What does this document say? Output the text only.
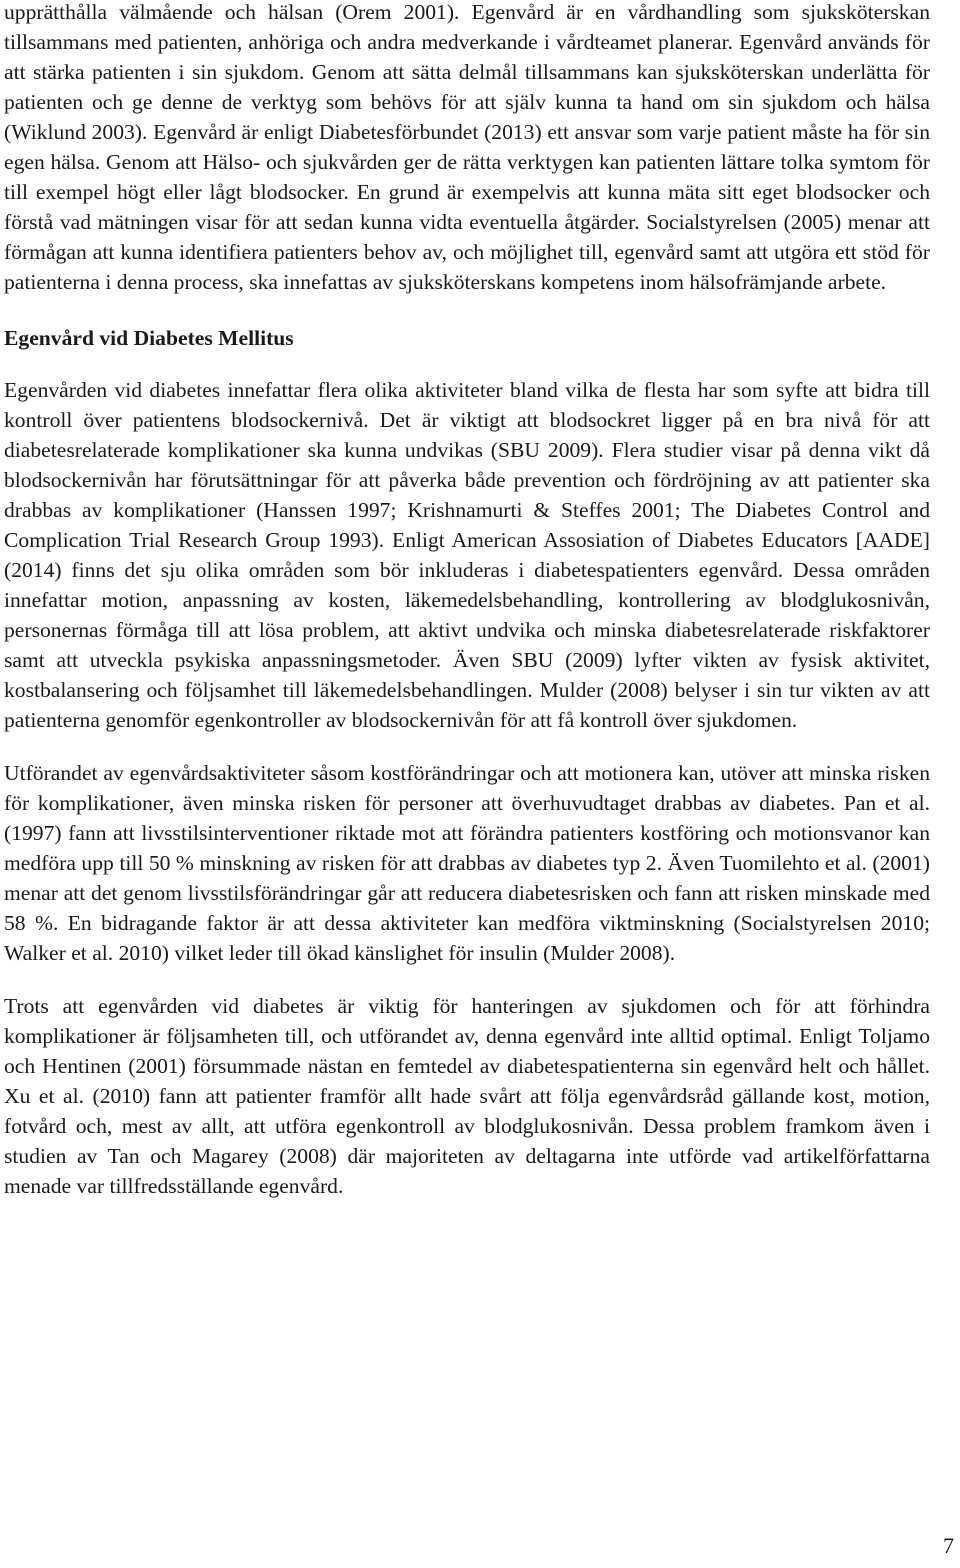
upprätthålla välmående och hälsan (Orem 2001). Egenvård är en vårdhandling som sjuksköterskan tillsammans med patienten, anhöriga och andra medverkande i vårdteamet planerar. Egenvård används för att stärka patienten i sin sjukdom. Genom att sätta delmål tillsammans kan sjuksköterskan underlätta för patienten och ge denne de verktyg som behövs för att själv kunna ta hand om sin sjukdom och hälsa (Wiklund 2003). Egenvård är enligt Diabetesförbundet (2013) ett ansvar som varje patient måste ha för sin egen hälsa. Genom att Hälso- och sjukvården ger de rätta verktygen kan patienten lättare tolka symtom för till exempel högt eller lågt blodsocker. En grund är exempelvis att kunna mäta sitt eget blodsocker och förstå vad mätningen visar för att sedan kunna vidta eventuella åtgärder. Socialstyrelsen (2005) menar att förmågan att kunna identifiera patienters behov av, och möjlighet till, egenvård samt att utgöra ett stöd för patienterna i denna process, ska innefattas av sjuksköterskans kompetens inom hälsofrämjande arbete.

Egenvård vid Diabetes Mellitus

Egenvården vid diabetes innefattar flera olika aktiviteter bland vilka de flesta har som syfte att bidra till kontroll över patientens blodsockernivå. Det är viktigt att blodsockret ligger på en bra nivå för att diabetesrelaterade komplikationer ska kunna undvikas (SBU 2009). Flera studier visar på denna vikt då blodsockernivån har förutsättningar för att påverka både prevention och fördröjning av att patienter ska drabbas av komplikationer (Hanssen 1997; Krishnamurti & Steffes 2001; The Diabetes Control and Complication Trial Research Group 1993). Enligt American Assosiation of Diabetes Educators [AADE] (2014) finns det sju olika områden som bör inkluderas i diabetespatienters egenvård. Dessa områden innefattar motion, anpassning av kosten, läkemedelsbehandling, kontrollering av blodglukosnivån, personernas förmåga till att lösa problem, att aktivt undvika och minska diabetesrelaterade riskfaktorer samt att utveckla psykiska anpassningsmetoder. Även SBU (2009) lyfter vikten av fysisk aktivitet, kostbalansering och följsamhet till läkemedelsbehandlingen. Mulder (2008) belyser i sin tur vikten av att patienterna genomför egenkontroller av blodsockernivån för att få kontroll över sjukdomen.

Utförandet av egenvårdsaktiviteter såsom kostförändringar och att motionera kan, utöver att minska risken för komplikationer, även minska risken för personer att överhuvudtaget drabbas av diabetes. Pan et al. (1997) fann att livsstilsinterventioner riktade mot att förändra patienters kostföring och motionsvanor kan medföra upp till 50 % minskning av risken för att drabbas av diabetes typ 2. Även Tuomilehto et al. (2001) menar att det genom livsstilsförändringar går att reducera diabetesrisken och fann att risken minskade med 58 %. En bidragande faktor är att dessa aktiviteter kan medföra viktminskning (Socialstyrelsen 2010; Walker et al. 2010) vilket leder till ökad känslighet för insulin (Mulder 2008).

Trots att egenvården vid diabetes är viktig för hanteringen av sjukdomen och för att förhindra komplikationer är följsamheten till, och utförandet av, denna egenvård inte alltid optimal. Enligt Toljamo och Hentinen (2001) försummade nästan en femtedel av diabetespatienterna sin egenvård helt och hållet. Xu et al. (2010) fann att patienter framför allt hade svårt att följa egenvårdsråd gällande kost, motion, fotvård och, mest av allt, att utföra egenkontroll av blodglukosnivån. Dessa problem framkom även i studien av Tan och Magarey (2008) där majoriteten av deltagarna inte utförde vad artikelförfattarna menade var tillfredsställande egenvård.

7
